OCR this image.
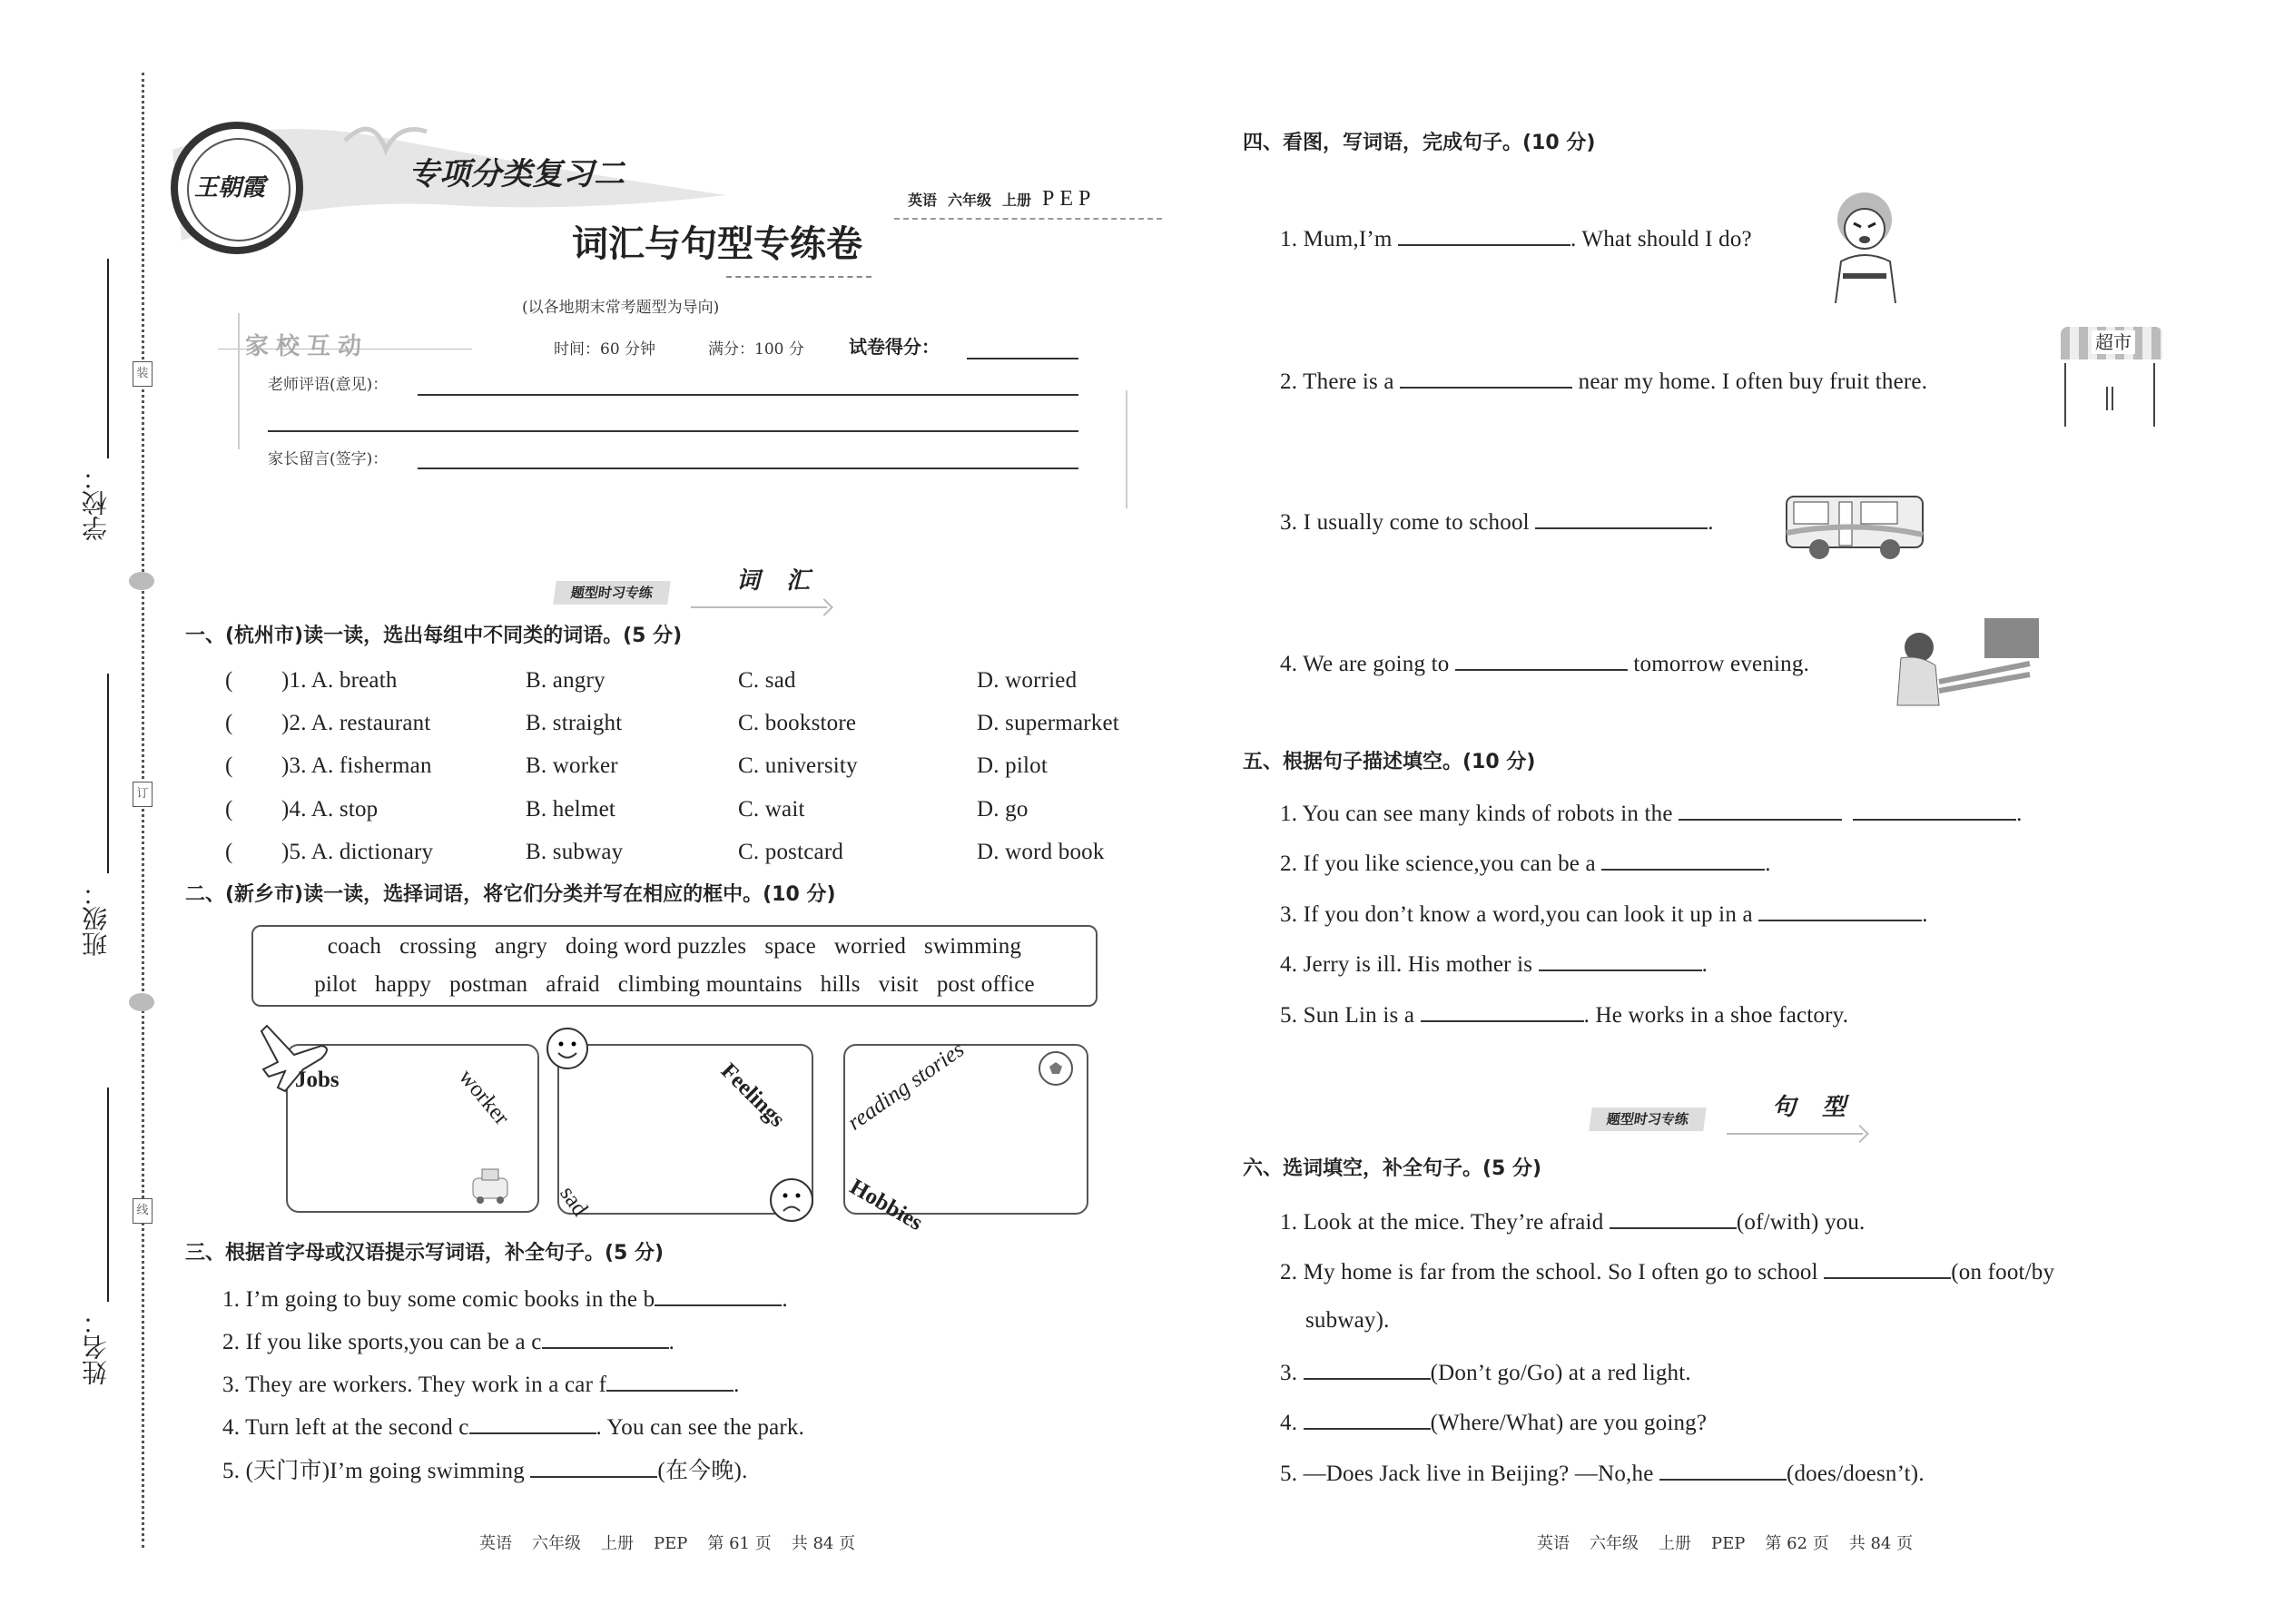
学校：
班级：
姓名：
装
订
线
王朝霞	专项分类复习二
英语 六年级 上册 PEP
词汇与句型专练卷
(以各地期末常考题型为导向)
家校互动	时间：60 分钟	满分：100 分 试卷得分：
老师评语(意见)：
家长留言(签字)：
题型时习专练	词 汇
一、(杭州市)读一读，选出每组中不同类的词语。(5 分)
( )1. A. breath	B. angry	C. sad	D. worried
( )2. A. restaurant	B. straight	C. bookstore	D. supermarket
( )3. A. fisherman	B. worker	C. university	D. pilot
( )4. A. stop	B. helmet	C. wait	D. go
( )5. A. dictionary	B. subway	C. postcard	D. word book
二、(新乡市)读一读，选择词语，将它们分类并写在相应的框中。(10 分)
coach crossing angry doing word puzzles space worried swimming
pilot happy postman afraid climbing mountains hills visit post office
Jobs	worker	Feelings
sad
reading stories
Hobbies
三、根据首字母或汉语提示写词语，补全句子。(5 分)
1. I’m going to buy some comic books in the b	.
2. If you like sports,you can be a c	.
3. They are workers. They work in a car f	.
4. Turn left at the second c	. You can see the park.
5. (天门市)I’m going swimming	(在今晚).
英语 六年级 上册 PEP 第 61 页 共 84 页
四、看图，写词语，完成句子。(10 分)
1. Mum,I’m	. What should I do?
2. There is a	near my home. I often buy fruit there.
3. I usually come to school	.
4. We are going to	tomorrow evening.
超市
五、根据句子描述填空。(10 分)
1. You can see many kinds of robots in the	.
2. If you like science,you can be a	.
3. If you don’t know a word,you can look it up in a	.
4. Jerry is ill. His mother is	.
5. Sun Lin is a	. He works in a shoe factory.
题型时习专练	句 型
六、选词填空，补全句子。(5 分)
1. Look at the mice. They’re afraid	(of/with) you.
2. My home is far from the school. So I often go to school	(on foot/by
subway).
3.	(Don’t go/Go) at a red light.
4.	(Where/What) are you going?
5. —Does Jack live in Beijing? —No,he	(does/doesn’t).
英语 六年级 上册 PEP 第 62 页 共 84 页
